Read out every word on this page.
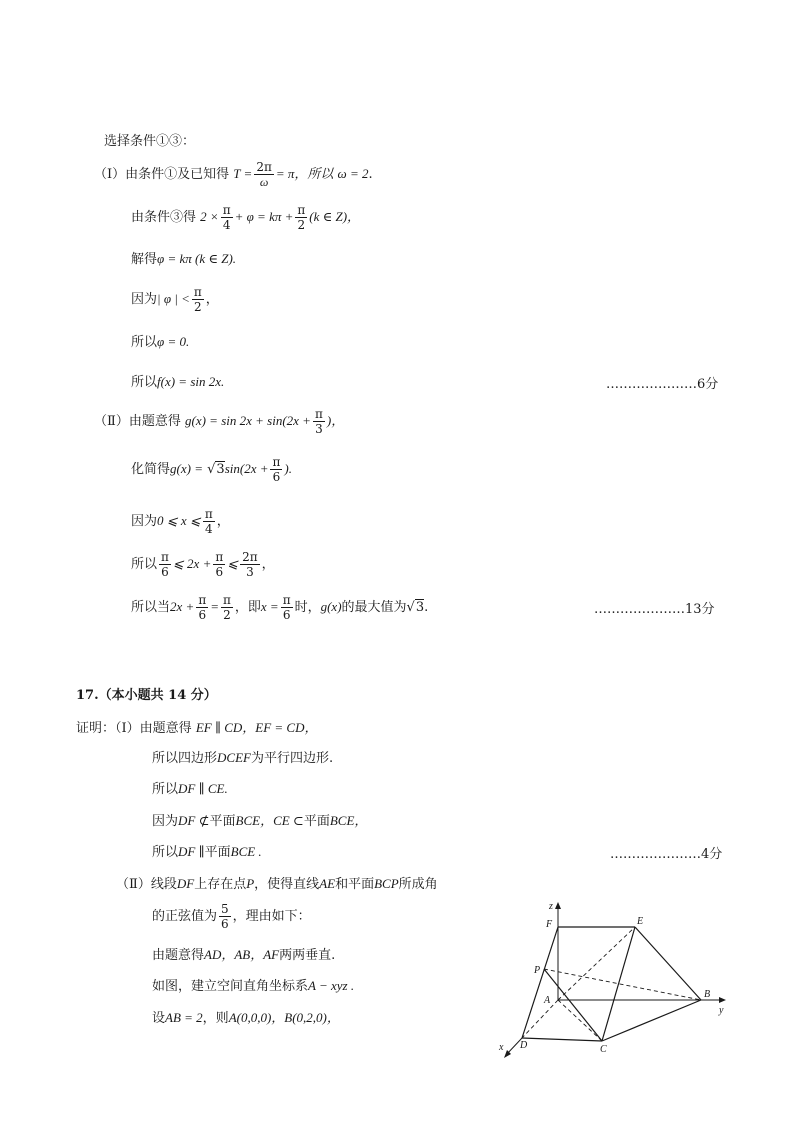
选择条件①③：
（Ⅰ）由条件①及已知得 $T = \frac{2\pi}{\omega} = \pi$，所以 ω = 2.
由条件③得 $2 \times \frac{\pi}{4} + \varphi = k\pi + \frac{\pi}{2} (k$ ∈ Z)，
解得φ = kπ (k ∈ Z).
因为| φ | < $\frac{\pi}{2}$ ，
所以φ = 0.
所以f(x) = sin 2x.	…………………6分
（Ⅱ）由题意得 $g(x) = \sin 2x + \sin(2x + \frac{\pi}{3}$ )，
化简得$g(x) = √3\sin(2x + \frac{\pi}{6}$ ).
因为0 ⩽ x ⩽ $\frac{\pi}{4}$ ，
所以 $\frac{\pi}{6}$ ⩽ $2x + \frac{\pi}{6}$ ⩽ $\frac{2\pi}{3}$ ，
所以当$2x + \frac{\pi}{6} = \frac{\pi}{2}$ ，即$x = \frac{\pi}{6}$ 时，g(x)的最大值为√3.	…………………13分
17.（本小题共 14 分）
证明：（Ⅰ）由题意得 EF ∥ CD，EF = CD，
所以四边形DCEF为平行四边形.
所以DF ∥ CE.
因为DF ⊄平面BCE，CE ⊂平面BCE，
所以DF ∥平面BCE .	…………………4分
（Ⅱ）线段DF上存在点P，使得直线AE和平面BCP所成角
的正弦值为 $\frac{5}{6}$ ，理由如下：
由题意得AD，AB，AF两两垂直.
如图，建立空间直角坐标系A − xyz .
设AB = 2，则A(0,0,0)，B(0,2,0)，
z
F	E
P
A
B
y
x D	C
